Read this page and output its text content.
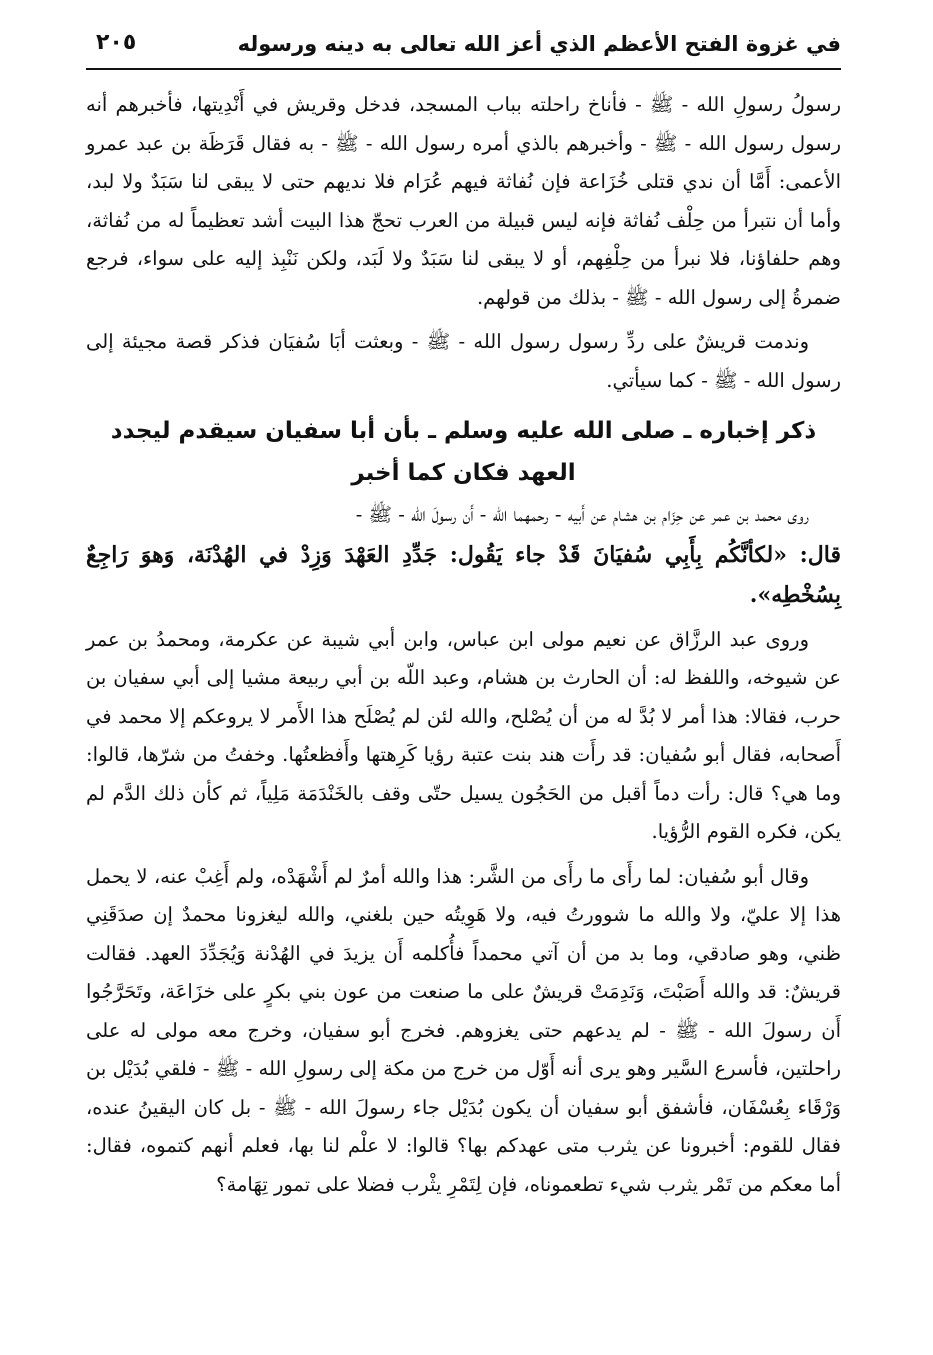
في غزوة الفتح الأعظم الذي أعز الله تعالى به دينه ورسوله
٢٠٥

رسولُ رسولِ الله - ﷺ - فأناخ راحلته بباب المسجد، فدخل وقريش في أَنْدِيتها، فأخبرهم أنه رسول رسول الله - ﷺ - وأخبرهم بالذي أمره رسول الله - ﷺ - به فقال قَرَظَة بن عبد عمرو الأعمى: أَمَّا أن ندي قتلى خُزَاعة فإن نُفاثة فيهم عُرَام فلا نديهم حتى لا يبقى لنا سَبَدٌ ولا لبد، وأما أن نتبرأ من حِلْف نُفاثة فإنه ليس قبيلة من العرب تحجّ هذا البيت أشد تعظيماً له من نُفاثة، وهم حلفاؤنا، فلا نبرأ من حِلْفِهم، أو لا يبقى لنا سَبَدٌ ولا لَبَد، ولكن نَنْبِذ إليه على سواء، فرجع ضمرةُ إلى رسول الله - ﷺ - بذلك من قولهم.

وندمت قريشٌ على ردِّ رسول رسول الله - ﷺ - وبعثت أبَا سُفيَان فذكر قصة مجيئة إلى رسول الله - ﷺ - كما سيأتي.

ذكر إخباره ـ صلى الله عليه وسلم ـ بأن أبا سفيان سيقدم ليجدد العهد فكان كما أخبر

روى محمد بن عمر عن حِزَام بن هشام عن أَبيه - رحمهما الله - أَن رسولَ الله - ﷺ -

قال: «لكأنَّكُم بِأَبِي سُفيَانَ قَدْ جاء يَقُول: جَدِّدِ العَهْدَ وَزِدْ في الهُدْنَة، وَهوَ رَاجِعٌ بِسُخْطِه».

وروى عبد الرزَّاق عن نعيم مولى ابن عباس، وابن أبي شيبة عن عكرمة، ومحمدُ بن عمر عن شيوخه، واللفظ له: أن الحارث بن هشام، وعبد اللّه بن أبي ربيعة مشيا إلى أبي سفيان بن حرب، فقالا: هذا أمر لا بُدَّ له من أن يُصْلح، والله لئن لم يُصْلَح هذا الأَمر لا يروعكم إلا محمد في أَصحابه، فقال أبو سُفيان: قد رأَت هند بنت عتبة رؤيا كَرِهتها وأَفظعتُها. وخفتُ من شرّها، قالوا: وما هي؟ قال: رأت دماً أقبل من الحَجُون يسيل حتّى وقف بالخَنْدَمَة مَلِياً، ثم كأن ذلك الدَّم لم يكن، فكره القوم الرُّؤيا.

وقال أبو سُفيان: لما رأَى ما رأَى من الشَّر: هذا والله أمرٌ لم أَشْهَدْه، ولم أَغِبْ عنه، لا يحمل هذا إلا عليّ، ولا والله ما شوورتُ فيه، ولا هَوِيتُه حين بلغني، والله ليغزونا محمدٌ إن صدَقَنِي ظني، وهو صادقي، وما بد من أن آتي محمداً فأُكلمه أَن يزيدَ في الهُدْنة وَيُجَدِّدَ العهد. فقالت قريشٌ: قد والله أَصَبْتَ، وَنَدِمَتْ قريشٌ على ما صنعت من عون بني بكرٍ على خزَاعَة، وتَحَرَّجُوا أَن رسولَ الله - ﷺ - لم يدعهم حتى يغزوهم. فخرج أبو سفيان، وخرج معه مولى له على راحلتين، فأسرع السَّير وهو يرى أنه أَوّل من خرج من مكة إلى رسولِ الله - ﷺ - فلقي بُدَيْل بن وَرْقَاء بِعُسْفَان، فأشفق أبو سفيان أن يكون بُدَيْل جاء رسولَ الله - ﷺ - بل كان اليقينُ عنده، فقال للقوم: أخبرونا عن يثرب متى عهدكم بها؟ قالوا: لا علْم لنا بها، فعلم أنهم كتموه، فقال: أما معكم من تَمْر يثرب شيء تطعموناه، فإن لِتَمْرِ يثْرب فضلا على تمور تِهَامة؟
